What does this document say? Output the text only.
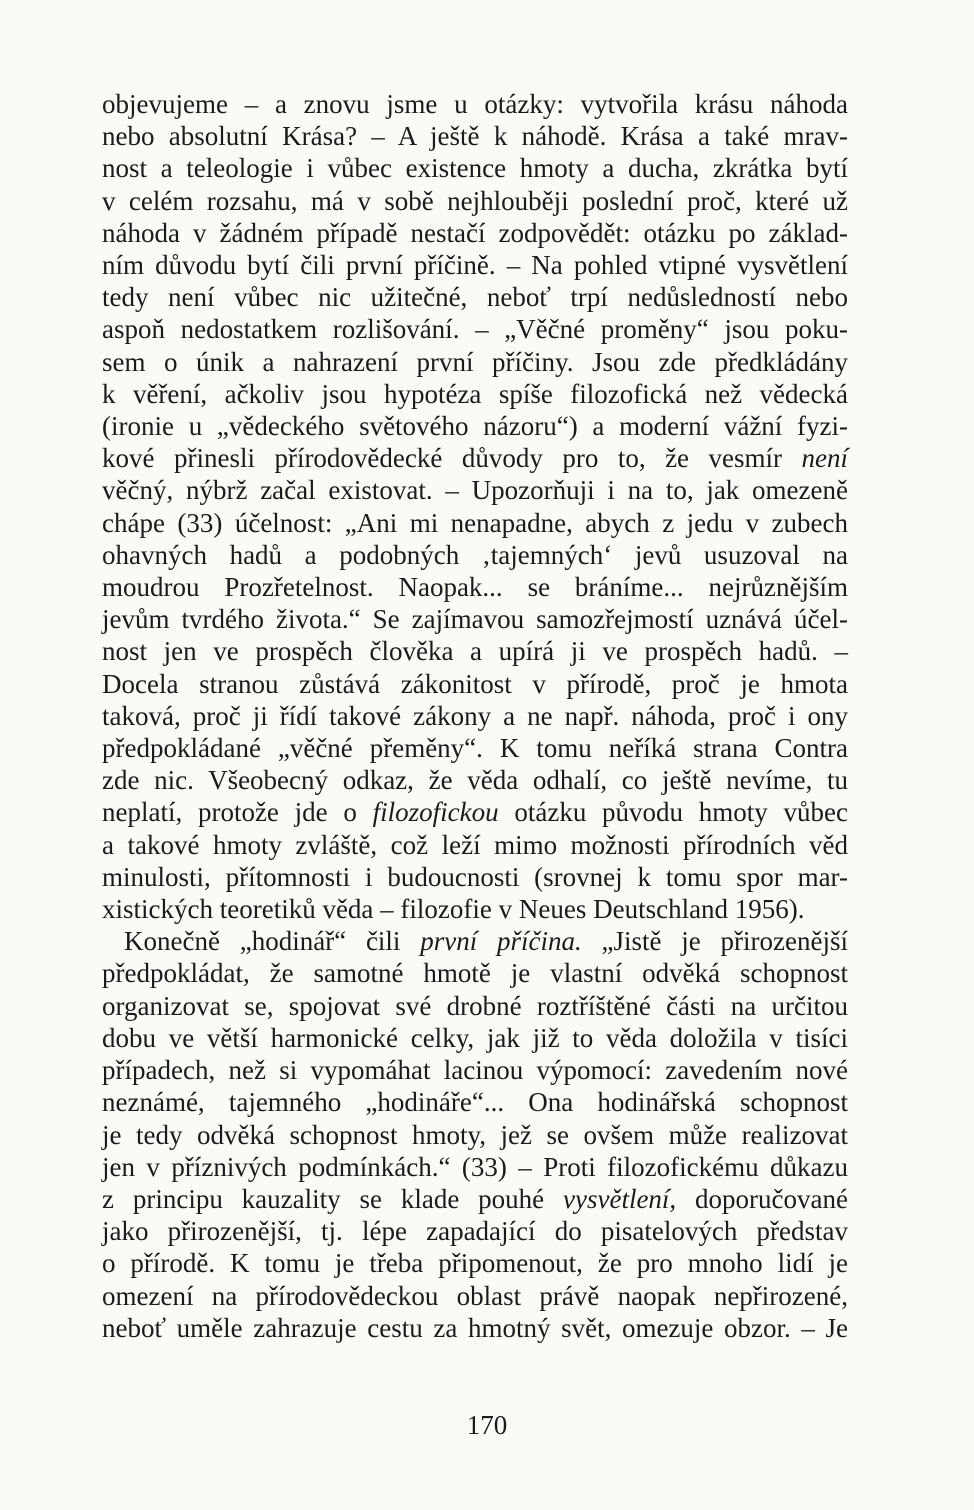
objevujeme – a znovu jsme u otázky: vytvořila krásu náhoda
nebo absolutní Krása? – A ještě k náhodě. Krása a také mrav-
nost a teleologie i vůbec existence hmoty a ducha, zkrátka bytí
v celém rozsahu, má v sobě nejhlouběji poslední proč, které už
náhoda v žádném případě nestačí zodpovědět: otázku po základ-
ním důvodu bytí čili první příčině. – Na pohled vtipné vysvětlení
tedy není vůbec nic užitečné, neboť trpí nedůsledností nebo
aspoň nedostatkem rozlišování. – „Věčné proměny“ jsou poku-
sem o únik a nahrazení první příčiny. Jsou zde předkládány
k věření, ačkoliv jsou hypotéza spíše filozofická než vědecká
(ironie u „vědeckého světového názoru“) a moderní vážní fyzi-
kové přinesli přírodovědecké důvody pro to, že vesmír není
věčný, nýbrž začal existovat. – Upozorňuji i na to, jak omezeně
chápe (33) účelnost: „Ani mi nenapadne, abych z jedu v zubech
ohavných hadů a podobných ‚tajemných‘ jevů usuzoval na
moudrou Prozřetelnost. Naopak... se bráníme... nejrůznějším
jevům tvrdého života.“ Se zajímavou samozřejmostí uznává účel-
nost jen ve prospěch člověka a upírá ji ve prospěch hadů. –
Docela stranou zůstává zákonitost v přírodě, proč je hmota
taková, proč ji řídí takové zákony a ne např. náhoda, proč i ony
předpokládané „věčné přeměny“. K tomu neříká strana Contra
zde nic. Všeobecný odkaz, že věda odhalí, co ještě nevíme, tu
neplatí, protože jde o filozofickou otázku původu hmoty vůbec
a takové hmoty zvláště, což leží mimo možnosti přírodních věd
minulosti, přítomnosti i budoucnosti (srovnej k tomu spor mar-
xistických teoretiků věda – filozofie v Neues Deutschland 1956).
Konečně „hodinář“ čili první příčina. „Jistě je přirozenější
předpokládat, že samotné hmotě je vlastní odvěká schopnost
organizovat se, spojovat své drobné roztříštěné části na určitou
dobu ve větší harmonické celky, jak již to věda doložila v tisíci
případech, než si vypomáhat lacinou výpomocí: zavedením nové
neznámé, tajemného „hodináře“... Ona hodinářská schopnost
je tedy odvěká schopnost hmoty, jež se ovšem může realizovat
jen v příznivých podmínkách.“ (33) – Proti filozofickému důkazu
z principu kauzality se klade pouhé vysvětlení, doporučované
jako přirozenější, tj. lépe zapadající do pisatelových představ
o přírodě. K tomu je třeba připomenout, že pro mnoho lidí je
omezení na přírodovědeckou oblast právě naopak nepřirozené,
neboť uměle zahrazuje cestu za hmotný svět, omezuje obzor. – Je
170
